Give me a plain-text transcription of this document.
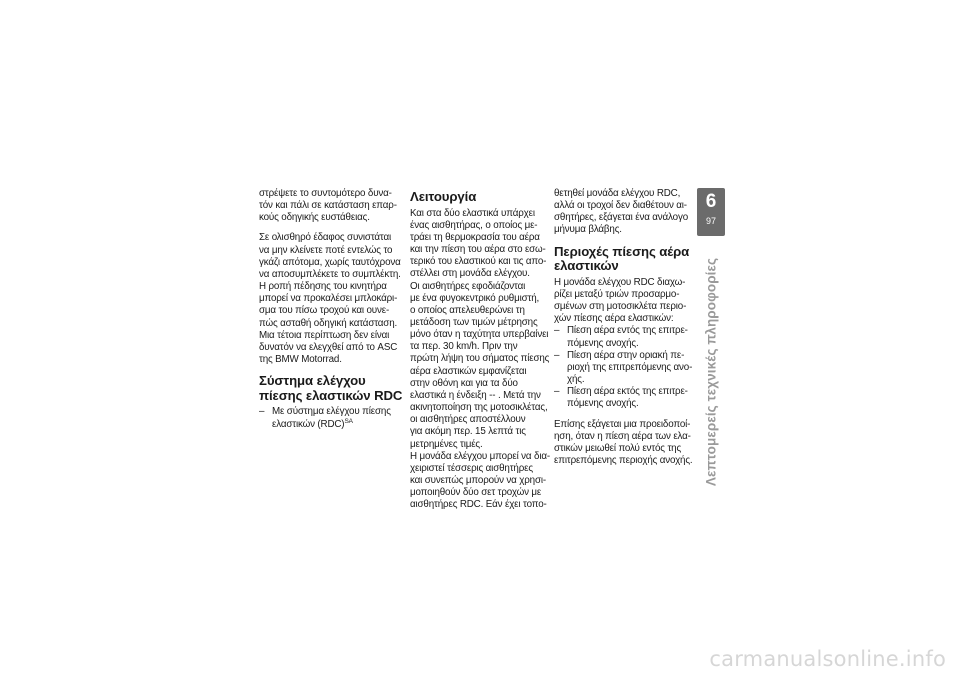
στρέψετε το συντομότερο δυνα-
τόν και πάλι σε κατάσταση επαρ-
κούς οδηγικής ευστάθειας.
Σε ολισθηρό έδαφος συνιστάται
να μην κλείνετε ποτέ εντελώς το
γκάζι απότομα, χωρίς ταυτόχρονα
να αποσυμπλέκετε το συμπλέκτη.
Η ροπή πέδησης του κινητήρα
μπορεί να προκαλέσει μπλοκάρι-
σμα του πίσω τροχού και ουνε-
πώς ασταθή οδηγική κατάσταση.
Μια τέτοια περίπτωση δεν είναι
δυνατόν να ελεγχθεί από το ASC
της BMW Motorrad.
Σύστημα ελέγχου
πίεσης ελαστικών RDC
– Με σύστημα ελέγχου πίεσης
ελαστικών (RDC)$^{SA}$
Λειτουργία
Και στα δύο ελαστικά υπάρχει
ένας αισθητήρας, ο οποίος με-
τράει τη θερμοκρασία του αέρα
και την πίεση του αέρα στο εσω-
τερικό του ελαστικού και τις απο-
στέλλει στη μονάδα ελέγχου.
Οι αισθητήρες εφοδιάζονται
με ένα φυγοκεντρικό ρυθμιστή,
ο οποίος απελευθερώνει τη
μετάδοση των τιμών μέτρησης
μόνο όταν η ταχύτητα υπερβαίνει
τα περ. 30 km/h. Πριν την
πρώτη λήψη του σήματος πίεσης
αέρα ελαστικών εμφανίζεται
στην οθόνη και για τα δύο
ελαστικά η ένδειξη -- . Μετά την
ακινητοποίηση της μοτοσικλέτας,
οι αισθητήρες αποστέλλουν
για ακόμη περ. 15 λεπτά τις
μετρημένες τιμές.
Η μονάδα ελέγχου μπορεί να δια-
χειριστεί τέσσερις αισθητήρες
και συνεπώς μπορούν να χρησι-
μοποιηθούν δύο σετ τροχών με
αισθητήρες RDC. Εάν έχει τοπο-
θετηθεί μονάδα ελέγχου RDC,
αλλά οι τροχοί δεν διαθέτουν αι-
σθητήρες, εξάγεται ένα ανάλογο
μήνυμα βλάβης.
Περιοχές πίεσης αέρα
ελαστικών
Η μονάδα ελέγχου RDC διαχω-
ρίζει μεταξύ τριών προσαρμο-
σμένων στη μοτοσικλέτα περιο-
χών πίεσης αέρα ελαστικών:
– Πίεση αέρα εντός της επιτρε-
πόμενης ανοχής.
– Πίεση αέρα στην οριακή πε-
ριοχή της επιτρεπόμενης ανο-
χής.
– Πίεση αέρα εκτός της επιτρε-
πόμενης ανοχής.
Επίσης εξάγεται μια προειδοποί-
ηση, όταν η πίεση αέρα των ελα-
στικών μειωθεί πολύ εντός της
επιτρεπόμενης περιοχής ανοχής.
6
97
Λεπτομερείς τεχνικές πληροφορίες
carmanualsonline.info
